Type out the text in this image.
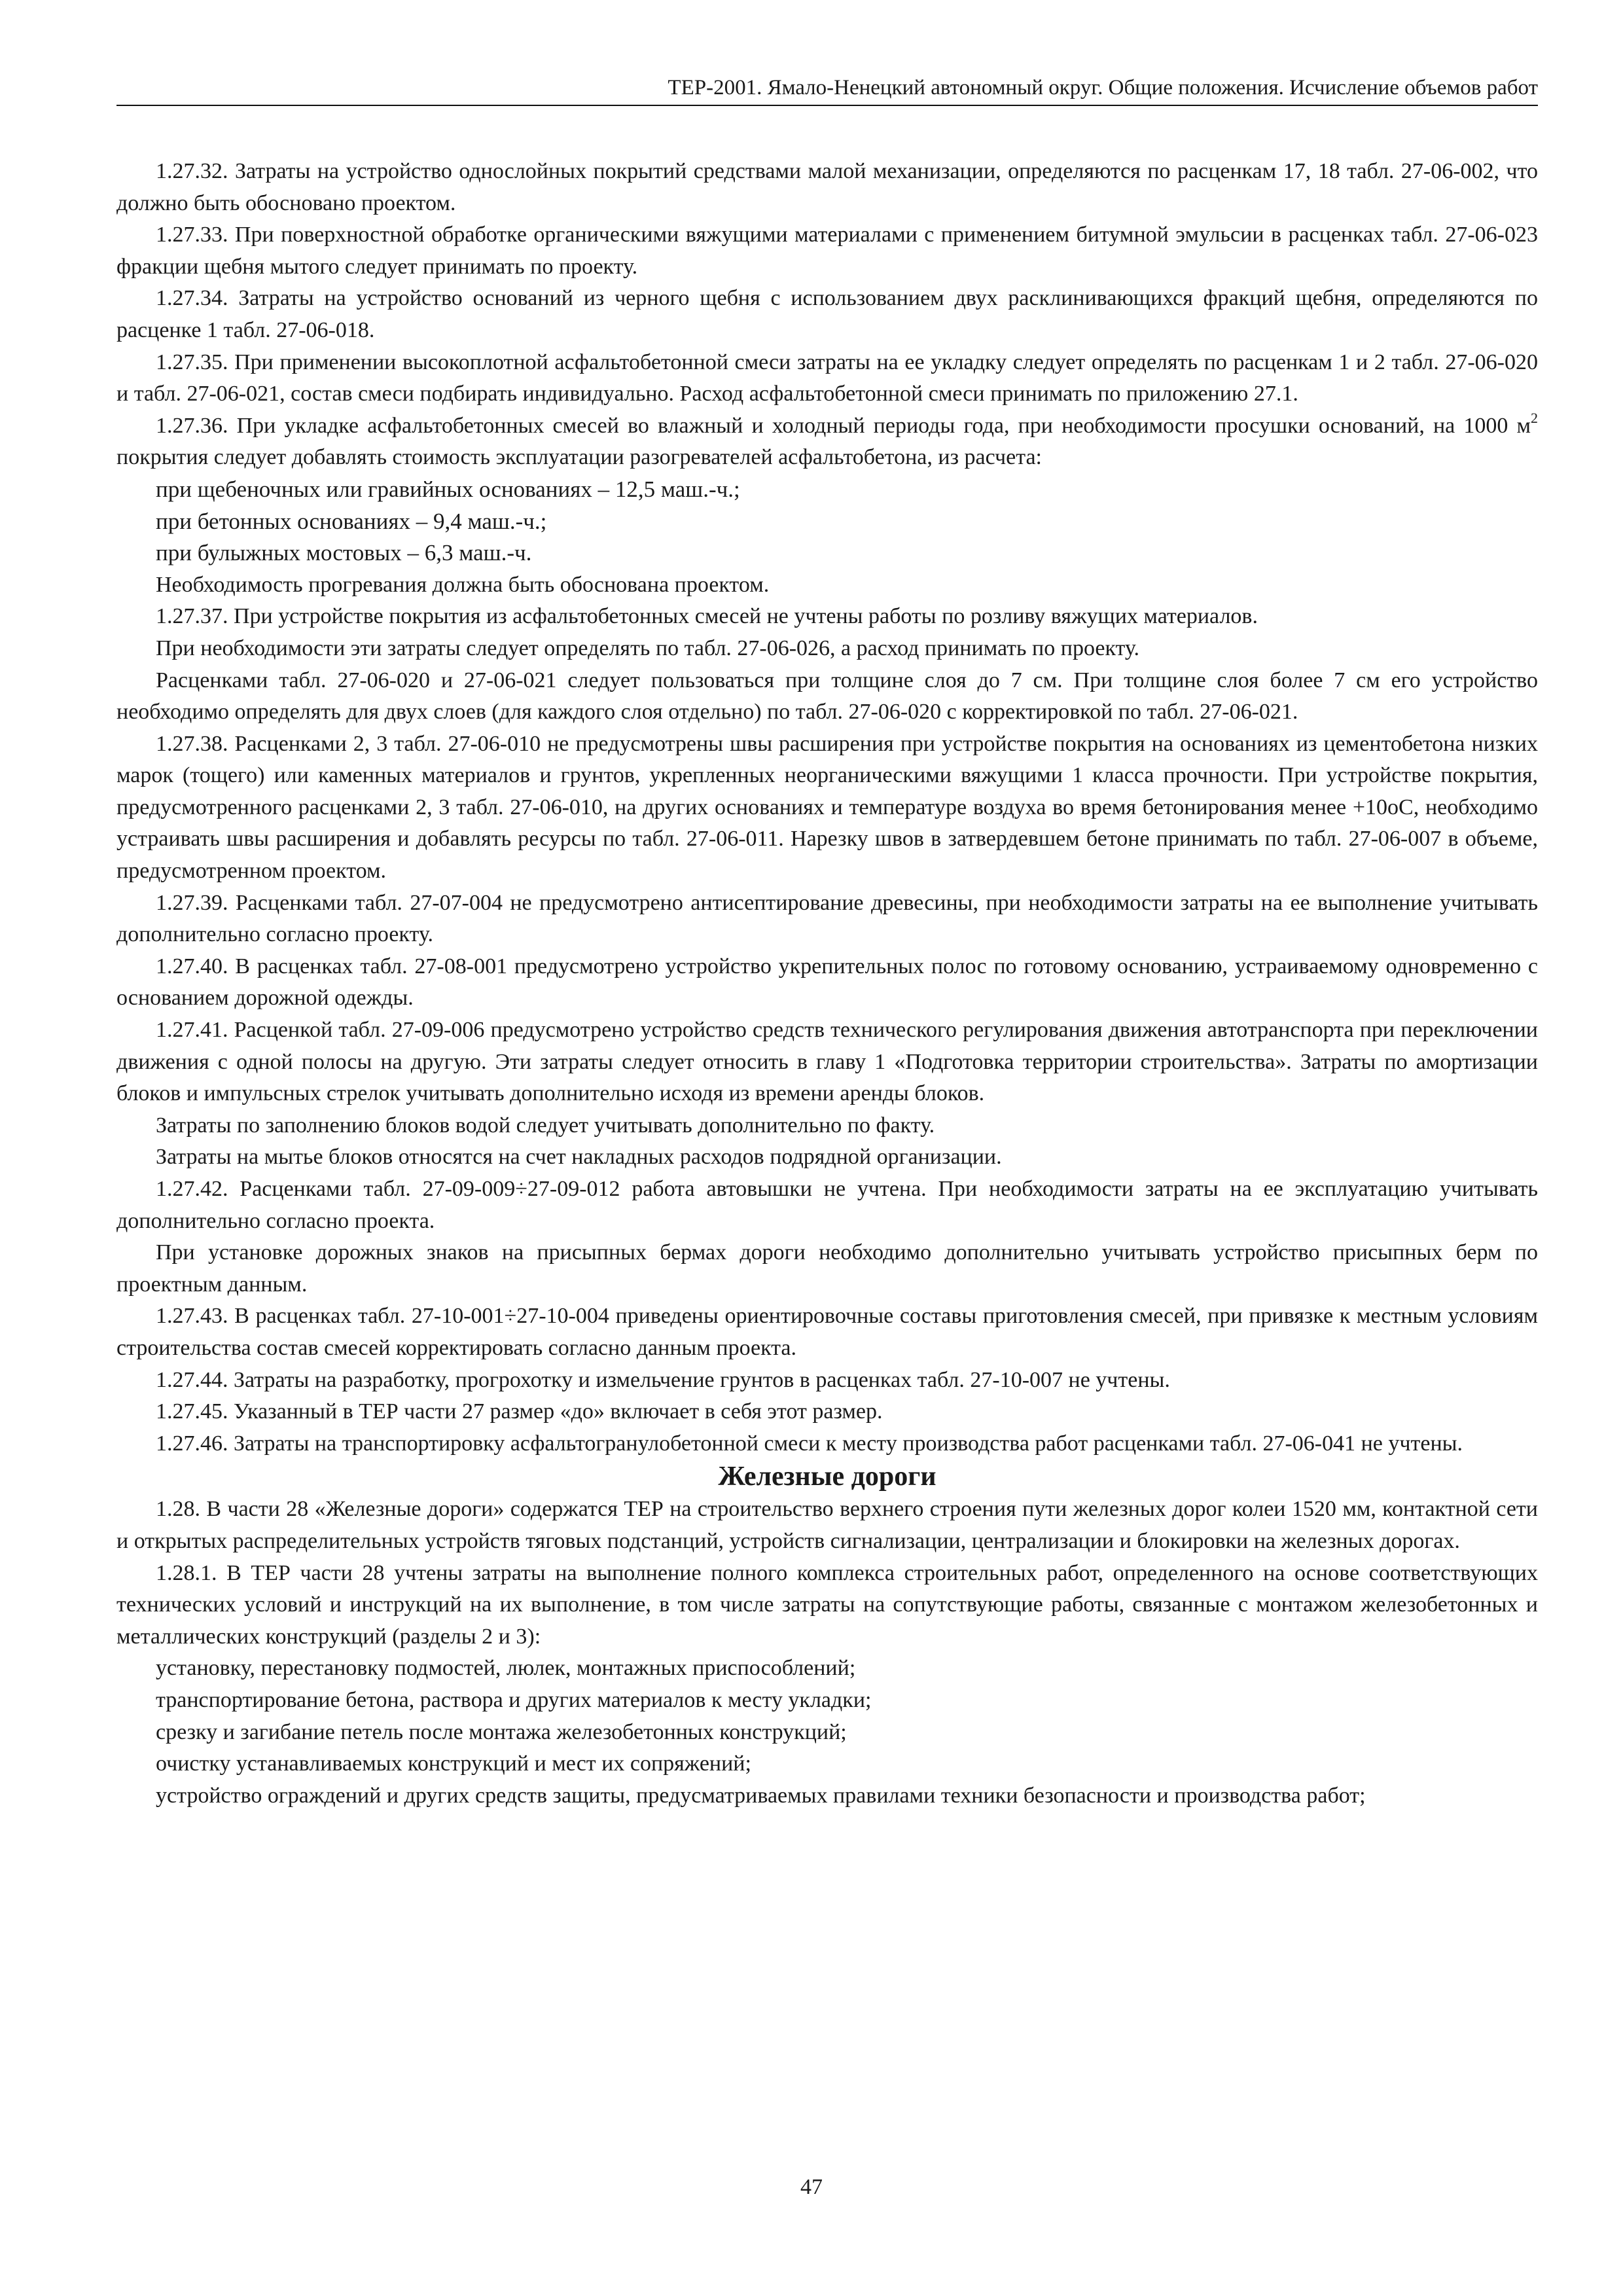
ТЕР-2001. Ямало-Ненецкий автономный округ. Общие положения. Исчисление объемов работ

1.27.32. Затраты на устройство однослойных покрытий средствами малой механизации, определяются по расценкам 17, 18 табл. 27-06-002, что должно быть обосновано проектом.

1.27.33. При поверхностной обработке органическими вяжущими материалами с применением битумной эмульсии в расценках табл. 27-06-023 фракции щебня мытого следует принимать по проекту.

1.27.34. Затраты на устройство оснований из черного щебня с использованием двух расклинивающихся фракций щебня, определяются по расценке 1 табл. 27-06-018.

1.27.35. При применении высокоплотной асфальтобетонной смеси затраты на ее укладку следует определять по расценкам 1 и 2 табл. 27-06-020 и табл. 27-06-021, состав смеси подбирать индивидуально. Расход асфальтобетонной смеси принимать по приложению 27.1.

1.27.36. При укладке асфальтобетонных смесей во влажный и холодный периоды года, при необходимости просушки оснований, на 1000 $м^2$ покрытия следует добавлять стоимость эксплуатации разогревателей асфальтобетона, из расчета:

при щебеночных или гравийных основаниях – 12,5 маш.-ч.;

при бетонных основаниях – 9,4 маш.-ч.;

при булыжных мостовых – 6,3 маш.-ч.

Необходимость прогревания должна быть обоснована проектом.

1.27.37. При устройстве покрытия из асфальтобетонных смесей не учтены работы по розливу вяжущих материалов.

При необходимости эти затраты следует определять по табл. 27-06-026, а расход принимать по проекту.

Расценками табл. 27-06-020 и 27-06-021 следует пользоваться при толщине слоя до 7 см. При толщине слоя более 7 см его устройство необходимо определять для двух слоев (для каждого слоя отдельно) по табл. 27-06-020 с корректировкой по табл. 27-06-021.

1.27.38. Расценками 2, 3 табл. 27-06-010 не предусмотрены швы расширения при устройстве покрытия на основаниях из цементобетона низких марок (тощего) или каменных материалов и грунтов, укрепленных неорганическими вяжущими 1 класса прочности. При устройстве покрытия, предусмотренного расценками 2, 3 табл. 27-06-010, на других основаниях и температуре воздуха во время бетонирования менее +10оС, необходимо устраивать швы расширения и добавлять ресурсы по табл. 27-06-011. Нарезку швов в затвердевшем бетоне принимать по табл. 27-06-007 в объеме, предусмотренном проектом.

1.27.39. Расценками табл. 27-07-004 не предусмотрено антисептирование древесины, при необходимости затраты на ее выполнение учитывать дополнительно согласно проекту.

1.27.40. В расценках табл. 27-08-001 предусмотрено устройство укрепительных полос по готовому основанию, устраиваемому одновременно с основанием дорожной одежды.

1.27.41. Расценкой табл. 27-09-006 предусмотрено устройство средств технического регулирования движения автотранспорта при переключении движения с одной полосы на другую. Эти затраты следует относить в главу 1 «Подготовка территории строительства». Затраты по амортизации блоков и импульсных стрелок учитывать дополнительно исходя из времени аренды блоков.

Затраты по заполнению блоков водой следует учитывать дополнительно по факту.

Затраты на мытье блоков относятся на счет накладных расходов подрядной организации.

1.27.42. Расценками табл. 27-09-009÷27-09-012 работа автовышки не учтена. При необходимости затраты на ее эксплуатацию учитывать дополнительно согласно проекта.

При установке дорожных знаков на присыпных бермах дороги необходимо дополнительно учитывать устройство присыпных берм по проектным данным.

1.27.43. В расценках табл. 27-10-001÷27-10-004 приведены ориентировочные составы приготовления смесей, при привязке к местным условиям строительства состав смесей корректировать согласно данным проекта.

1.27.44. Затраты на разработку, прогрохотку и измельчение грунтов в расценках табл. 27-10-007 не учтены.

1.27.45. Указанный в ТЕР части 27 размер «до» включает в себя этот размер.

1.27.46. Затраты на транспортировку асфальтогранулобетонной смеси к месту производства работ расценками табл. 27-06-041 не учтены.

Железные дороги

1.28. В части 28 «Железные дороги» содержатся ТЕР на строительство верхнего строения пути железных дорог колеи 1520 мм, контактной сети и открытых распределительных устройств тяговых подстанций, устройств сигнализации, централизации и блокировки на железных дорогах.

1.28.1. В ТЕР части 28 учтены затраты на выполнение полного комплекса строительных работ, определенного на основе соответствующих технических условий и инструкций на их выполнение, в том числе затраты на сопутствующие работы, связанные с монтажом железобетонных и металлических конструкций (разделы 2 и 3):

установку, перестановку подмостей, люлек, монтажных приспособлений;

транспортирование бетона, раствора и других материалов к месту укладки;

срезку и загибание петель после монтажа железобетонных конструкций;

очистку устанавливаемых конструкций и мест их сопряжений;

устройство ограждений и других средств защиты, предусматриваемых правилами техники безопасности и производства работ;

47
